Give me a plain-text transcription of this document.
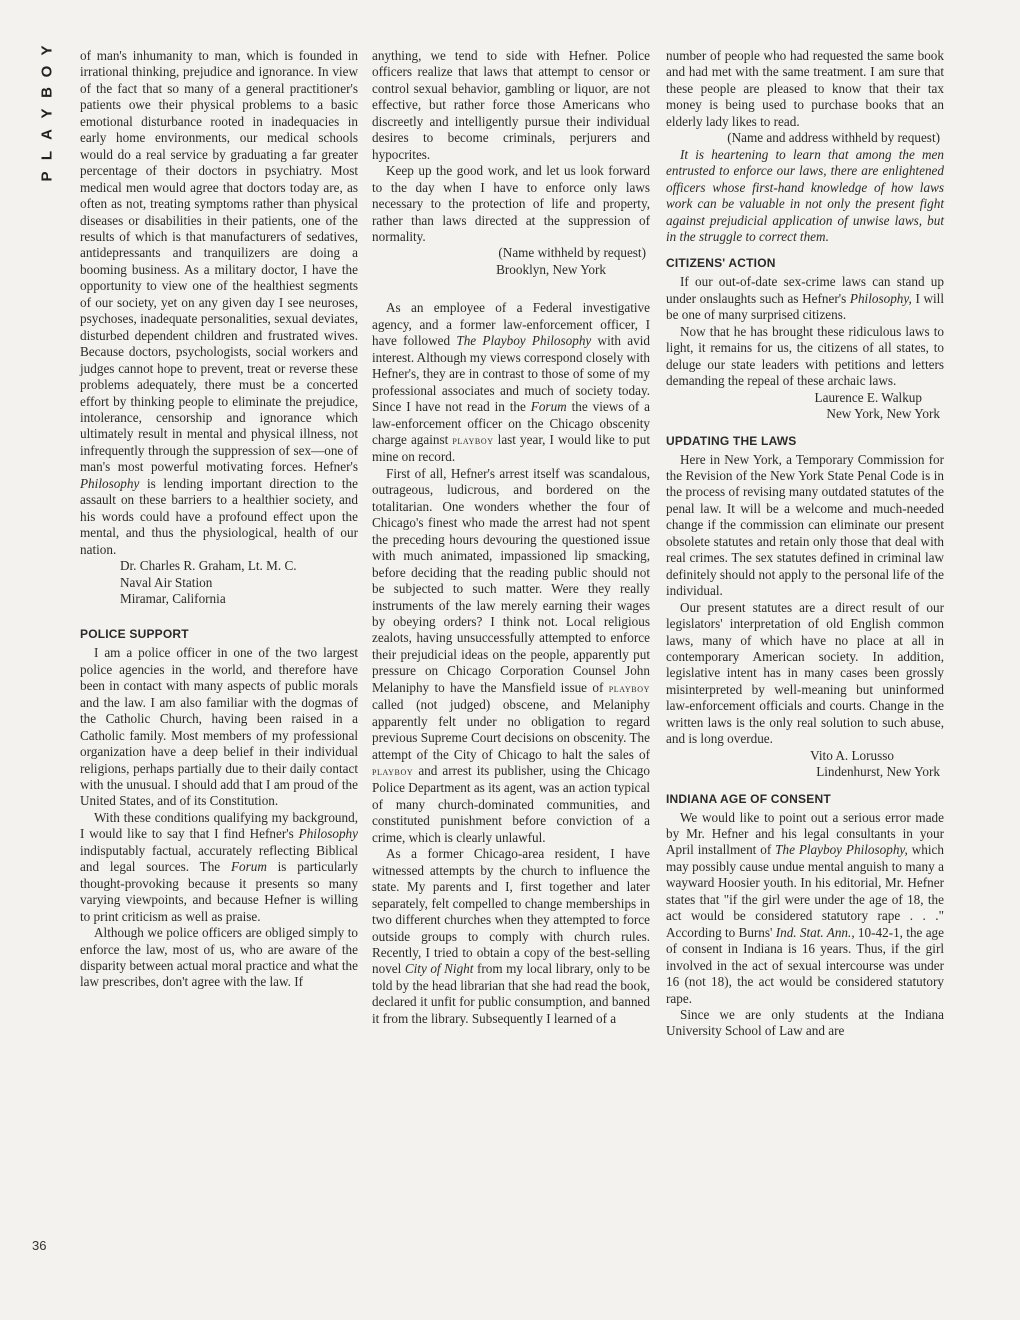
Y
O
B
Y
A
L
P
36

of man's inhumanity to man, which is founded in irrational thinking, prejudice and ignorance. In view of the fact that so many of a general practitioner's patients owe their physical problems to a basic emotional disturbance rooted in inadequacies in early home environments, our medical schools would do a real service by graduating a far greater percentage of their doctors in psychiatry. Most medical men would agree that doctors today are, as often as not, treating symptoms rather than physical diseases or disabilities in their patients, one of the results of which is that manufacturers of sedatives, antidepressants and tranquilizers are doing a booming business. As a military doctor, I have the opportunity to view one of the healthiest segments of our society, yet on any given day I see neuroses, psychoses, inadequate personalities, sexual deviates, disturbed dependent children and frustrated wives. Because doctors, psychologists, social workers and judges cannot hope to prevent, treat or reverse these problems adequately, there must be a concerted effort by thinking people to eliminate the prejudice, intolerance, censorship and ignorance which ultimately result in mental and physical illness, not infrequently through the suppression of sex—one of man's most powerful motivating forces. Hefner's Philosophy is lending important direction to the assault on these barriers to a healthier society, and his words could have a profound effect upon the mental, and thus the physiological, health of our nation.

Dr. Charles R. Graham, Lt. M. C.
Naval Air Station
Miramar, California
POLICE SUPPORT

I am a police officer in one of the two largest police agencies in the world, and therefore have been in contact with many aspects of public morals and the law. I am also familiar with the dogmas of the Catholic Church, having been raised in a Catholic family. Most members of my professional organization have a deep belief in their individual religions, perhaps partially due to their daily contact with the unusual. I should add that I am proud of the United States, and of its Constitution.

With these conditions qualifying my background, I would like to say that I find Hefner's Philosophy indisputably factual, accurately reflecting Biblical and legal sources. The Forum is particularly thought-provoking because it presents so many varying viewpoints, and because Hefner is willing to print criticism as well as praise.

Although we police officers are obliged simply to enforce the law, most of us, who are aware of the disparity between actual moral practice and what the law prescribes, don't agree with the law. If

anything, we tend to side with Hefner. Police officers realize that laws that attempt to censor or control sexual behavior, gambling or liquor, are not effective, but rather force those Americans who discreetly and intelligently pursue their individual desires to become criminals, perjurers and hypocrites.

Keep up the good work, and let us look forward to the day when I have to enforce only laws necessary to the protection of life and property, rather than laws directed at the suppression of normality.

(Name withheld by request)
Brooklyn, New York

As an employee of a Federal investigative agency, and a former law-enforcement officer, I have followed The Playboy Philosophy with avid interest. Although my views correspond closely with Hefner's, they are in contrast to those of some of my professional associates and much of society today. Since I have not read in the Forum the views of a law-enforcement officer on the Chicago obscenity charge against playboy last year, I would like to put mine on record.

First of all, Hefner's arrest itself was scandalous, outrageous, ludicrous, and bordered on the totalitarian. One wonders whether the four of Chicago's finest who made the arrest had not spent the preceding hours devouring the questioned issue with much animated, impassioned lip smacking, before deciding that the reading public should not be subjected to such matter. Were they really instruments of the law merely earning their wages by obeying orders? I think not. Local religious zealots, having unsuccessfully attempted to enforce their prejudicial ideas on the people, apparently put pressure on Chicago Corporation Counsel John Melaniphy to have the Mansfield issue of playboy called (not judged) obscene, and Melaniphy apparently felt under no obligation to regard previous Supreme Court decisions on obscenity. The attempt of the City of Chicago to halt the sales of playboy and arrest its publisher, using the Chicago Police Department as its agent, was an action typical of many church-dominated communities, and constituted punishment before conviction of a crime, which is clearly unlawful.

As a former Chicago-area resident, I have witnessed attempts by the church to influence the state. My parents and I, first together and later separately, felt compelled to change memberships in two different churches when they attempted to force outside groups to comply with church rules. Recently, I tried to obtain a copy of the best-selling novel City of Night from my local library, only to be told by the head librarian that she had read the book, declared it unfit for public consumption, and banned it from the library. Subsequently I learned of a

number of people who had requested the same book and had met with the same treatment. I am sure that these people are pleased to know that their tax money is being used to purchase books that an elderly lady likes to read.

(Name and address withheld by request)

It is heartening to learn that among the men entrusted to enforce our laws, there are enlightened officers whose first-hand knowledge of how laws work can be valuable in not only the present fight against prejudicial application of unwise laws, but in the struggle to correct them.

CITIZENS' ACTION

If our out-of-date sex-crime laws can stand up under onslaughts such as Hefner's Philosophy, I will be one of many surprised citizens.

Now that he has brought these ridiculous laws to light, it remains for us, the citizens of all states, to deluge our state leaders with petitions and letters demanding the repeal of these archaic laws.

Laurence E. Walkup
New York, New York
UPDATING THE LAWS

Here in New York, a Temporary Commission for the Revision of the New York State Penal Code is in the process of revising many outdated statutes of the penal law. It will be a welcome and much-needed change if the commission can eliminate our present obsolete statutes and retain only those that deal with real crimes. The sex statutes defined in criminal law definitely should not apply to the personal life of the individual.

Our present statutes are a direct result of our legislators' interpretation of old English common laws, many of which have no place at all in contemporary American society. In addition, legislative intent has in many cases been grossly misinterpreted by well-meaning but uninformed law-enforcement officials and courts. Change in the written laws is the only real solution to such abuse, and is long overdue.

Vito A. Lorusso
Lindenhurst, New York
INDIANA AGE OF CONSENT

We would like to point out a serious error made by Mr. Hefner and his legal consultants in your April installment of The Playboy Philosophy, which may possibly cause undue mental anguish to many a wayward Hoosier youth. In his editorial, Mr. Hefner states that "if the girl were under the age of 18, the act would be considered statutory rape . . ." According to Burns' Ind. Stat. Ann., 10-42-1, the age of consent in Indiana is 16 years. Thus, if the girl involved in the act of sexual intercourse was under 16 (not 18), the act would be considered statutory rape.

Since we are only students at the Indiana University School of Law and are
